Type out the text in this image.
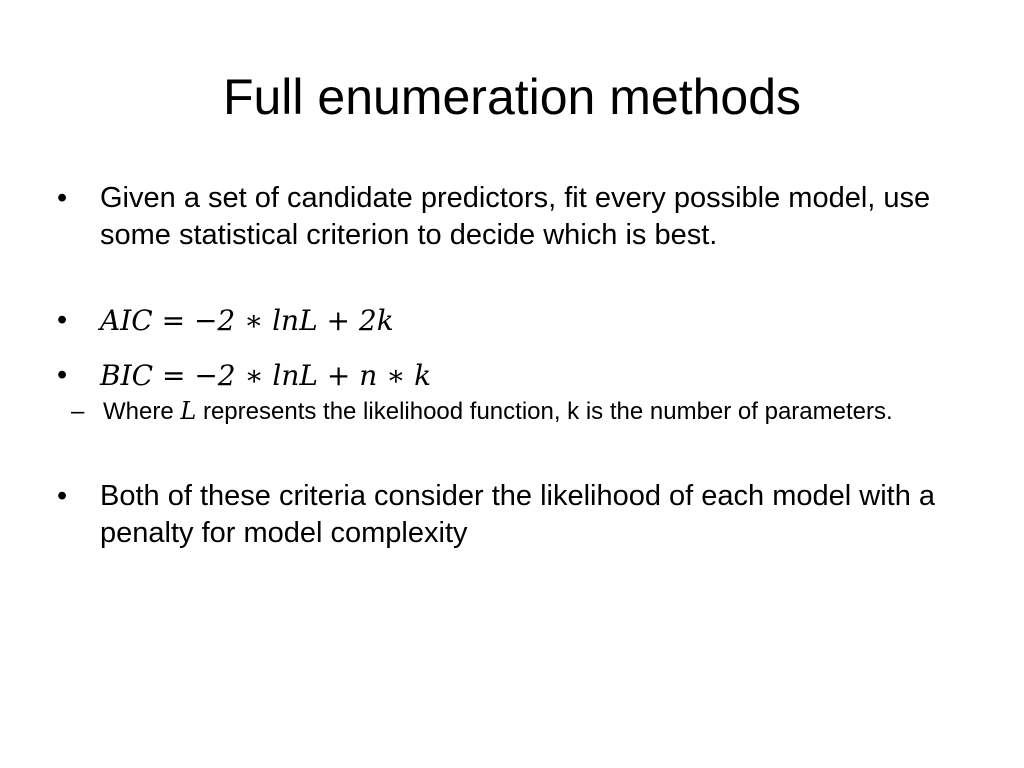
Full enumeration methods

•	Given a set of candidate predictors, fit every possible model, use some statistical criterion to decide which is best.

•	AIC = −2 ∗ lnL + 2k

•	BIC = −2 ∗ lnL + n ∗ k

– Where L represents the likelihood function, k is the number of parameters.

•	Both of these criteria consider the likelihood of each model with a penalty for model complexity
